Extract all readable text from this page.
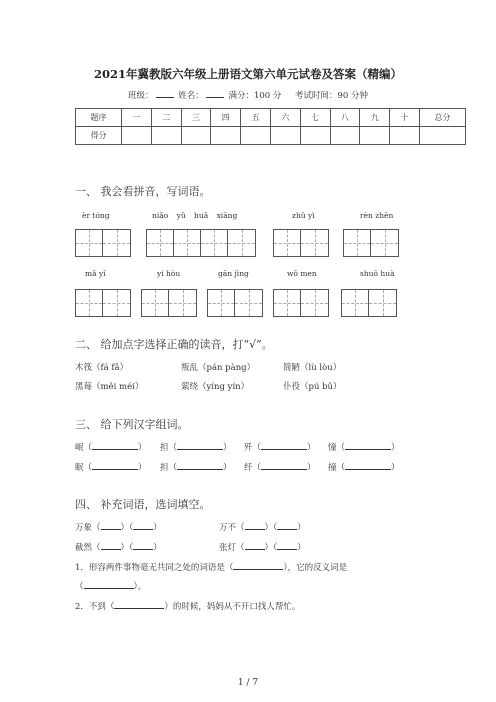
2021年冀教版六年级上册语文第六单元试卷及答案（精编）
班级：	姓名：	满分：100 分 考试时间：90 分钟
题序	一	二	三	四	五	六	七	八	九	十	总分
得分											
一、 我会看拼音，写词语。
èr tóng	niǎo yǔ huā xiāng	zhǔ yì	rèn zhēn
mǎ yǐ	yí hòu	gān jìng	wǒ men	shuō huà
二、 给加点字选择正确的读音，打“√”。
木筏（fá fǎ）	叛乱（pán pàng）	简陋（lù lòu）
黑莓（měi méi）	萦绕（yíng yín）	仆役（pú bǔ）
三、 给下列汉字组词。
岷（	） 担（	） 歼（	） 憧（	）
眠（	） 担（	） 纤（	） 撞（	）
四、 补充词语，选词填空。
万象（ ）（ ）	万不（ ）（ ）
截然（ ）（ ）	张灯（ ）（ ）
1．形容两件事物毫无共同之处的词语是（	），它的反义词是
（	）。
2．不到（	）的时候，妈妈从不开口找人帮忙。
1 / 7
